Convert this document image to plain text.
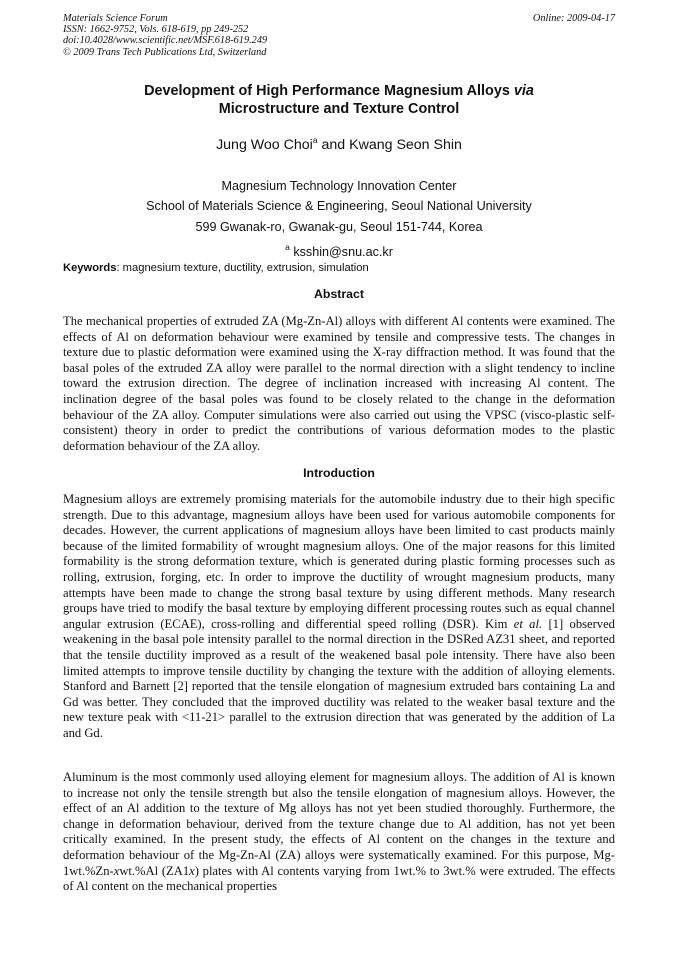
Materials Science Forum
ISSN: 1662-9752, Vols. 618-619, pp 249-252
doi:10.4028/www.scientific.net/MSF.618-619.249
© 2009 Trans Tech Publications Ltd, Switzerland
Online: 2009-04-17
Development of High Performance Magnesium Alloys via
Microstructure and Texture Control
Jung Woo Choi$^a$ and Kwang Seon Shin
Magnesium Technology Innovation Center
School of Materials Science & Engineering, Seoul National University
599 Gwanak-ro, Gwanak-gu, Seoul 151-744, Korea
$^a$ ksshin@snu.ac.kr
Keywords: magnesium texture, ductility, extrusion, simulation
Abstract

The mechanical properties of extruded ZA (Mg-Zn-Al) alloys with different Al contents were examined. The effects of Al on deformation behaviour were examined by tensile and compressive tests. The changes in texture due to plastic deformation were examined using the X-ray diffraction method. It was found that the basal poles of the extruded ZA alloy were parallel to the normal direction with a slight tendency to incline toward the extrusion direction. The degree of inclination increased with increasing Al content. The inclination degree of the basal poles was found to be closely related to the change in the deformation behaviour of the ZA alloy. Computer simulations were also carried out using the VPSC (visco-plastic self-consistent) theory in order to predict the contributions of various deformation modes to the plastic deformation behaviour of the ZA alloy.

Introduction

Magnesium alloys are extremely promising materials for the automobile industry due to their high specific strength. Due to this advantage, magnesium alloys have been used for various automobile components for decades. However, the current applications of magnesium alloys have been limited to cast products mainly because of the limited formability of wrought magnesium alloys. One of the major reasons for this limited formability is the strong deformation texture, which is generated during plastic forming processes such as rolling, extrusion, forging, etc. In order to improve the ductility of wrought magnesium products, many attempts have been made to change the strong basal texture by using different methods. Many research groups have tried to modify the basal texture by employing different processing routes such as equal channel angular extrusion (ECAE), cross-rolling and differential speed rolling (DSR). Kim et al. [1] observed weakening in the basal pole intensity parallel to the normal direction in the DSRed AZ31 sheet, and reported that the tensile ductility improved as a result of the weakened basal pole intensity. There have also been limited attempts to improve tensile ductility by changing the texture with the addition of alloying elements. Stanford and Barnett [2] reported that the tensile elongation of magnesium extruded bars containing La and Gd was better. They concluded that the improved ductility was related to the weaker basal texture and the new texture peak with <11-21> parallel to the extrusion direction that was generated by the addition of La and Gd.

Aluminum is the most commonly used alloying element for magnesium alloys. The addition of Al is known to increase not only the tensile strength but also the tensile elongation of magnesium alloys. However, the effect of an Al addition to the texture of Mg alloys has not yet been studied thoroughly. Furthermore, the change in deformation behaviour, derived from the texture change due to Al addition, has not yet been critically examined. In the present study, the effects of Al content on the changes in the texture and deformation behaviour of the Mg-Zn-Al (ZA) alloys were systematically examined. For this purpose, Mg-1wt.%Zn-xwt.%Al (ZA1x) plates with Al contents varying from 1wt.% to 3wt.% were extruded. The effects of Al content on the mechanical properties
